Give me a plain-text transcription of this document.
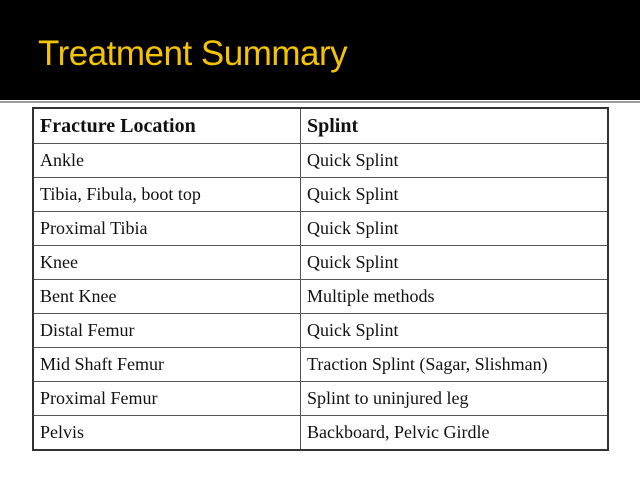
Treatment Summary
Fracture Location	Splint
Ankle	Quick Splint
Tibia, Fibula, boot top	Quick Splint
Proximal Tibia	Quick Splint
Knee	Quick Splint
Bent Knee	Multiple methods
Distal Femur	Quick Splint
Mid Shaft Femur	Traction Splint (Sagar, Slishman)
Proximal Femur	Splint to uninjured leg
Pelvis	Backboard, Pelvic Girdle
